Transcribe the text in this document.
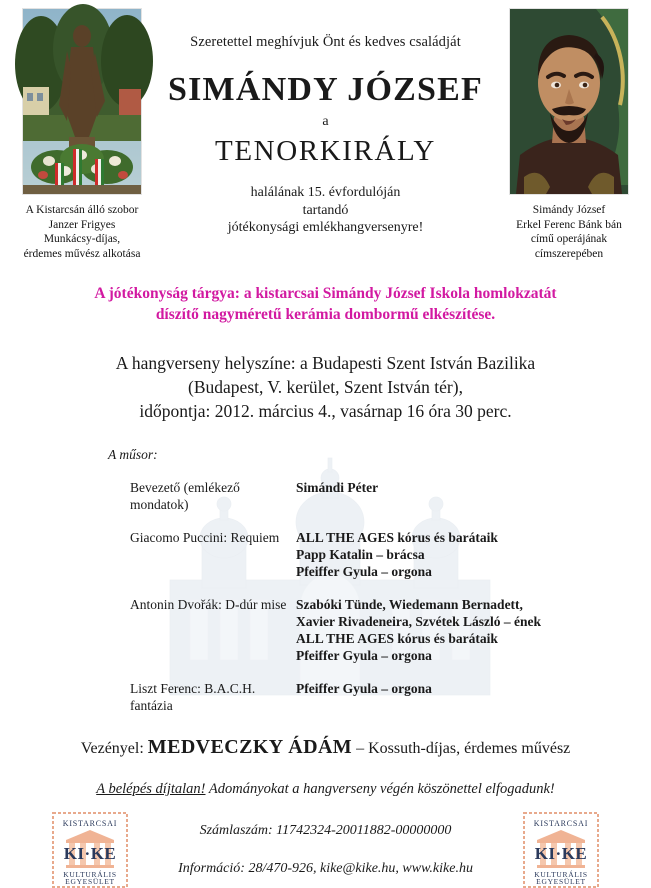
A Kistarcsán álló szobor
Janzer Frigyes
Munkácsy-díjas,
érdemes művész alkotása
Szeretettel meghívjuk Önt és kedves családját
SIMÁNDY JÓZSEF
a
TENORKIRÁLY
halálának 15. évfordulóján
tartandó
jótékonysági emlékhangversenyre!
Simándy József
Erkel Ferenc Bánk bán
című operájának
címszerepében
A jótékonyság tárgya: a kistarcsai Simándy József Iskola homlokzatát
díszítő nagyméretű kerámia dombormű elkészítése.
A hangverseny helyszíne: a Budapesti Szent István Bazilika
(Budapest, V. kerület, Szent István tér),
időpontja: 2012. március 4., vasárnap 16 óra 30 perc.
A műsor:
Bevezető (emlékező mondatok)
Simándi Péter
Giacomo Puccini: Requiem	ALL THE AGES kórus és barátaik
Papp Katalin – brácsa
Pfeiffer Gyula – orgona
Antonin Dvořák: D-dúr mise Szabóki Tünde, Wiedemann Bernadett,
Xavier Rivadeneira, Szvétek László – ének
ALL THE AGES kórus és barátaik
Pfeiffer Gyula – orgona
Liszt Ferenc: B.A.C.H. fantázia
Pfeiffer Gyula – orgona
Vezényel: MEDVECZKY ÁDÁM – Kossuth-díjas, érdemes művész
A belépés díjtalan! Adományokat a hangverseny végén köszönettel elfogadunk!
KISTARCSAI
KI·KE
KULTURÁLIS
EGYESÜLET
Számlaszám: 11742324-20011882-00000000
Információ: 28/470-926, kike@kike.hu, www.kike.hu
KISTARCSAI
KI·KE
KULTURÁLIS
EGYESÜLET
